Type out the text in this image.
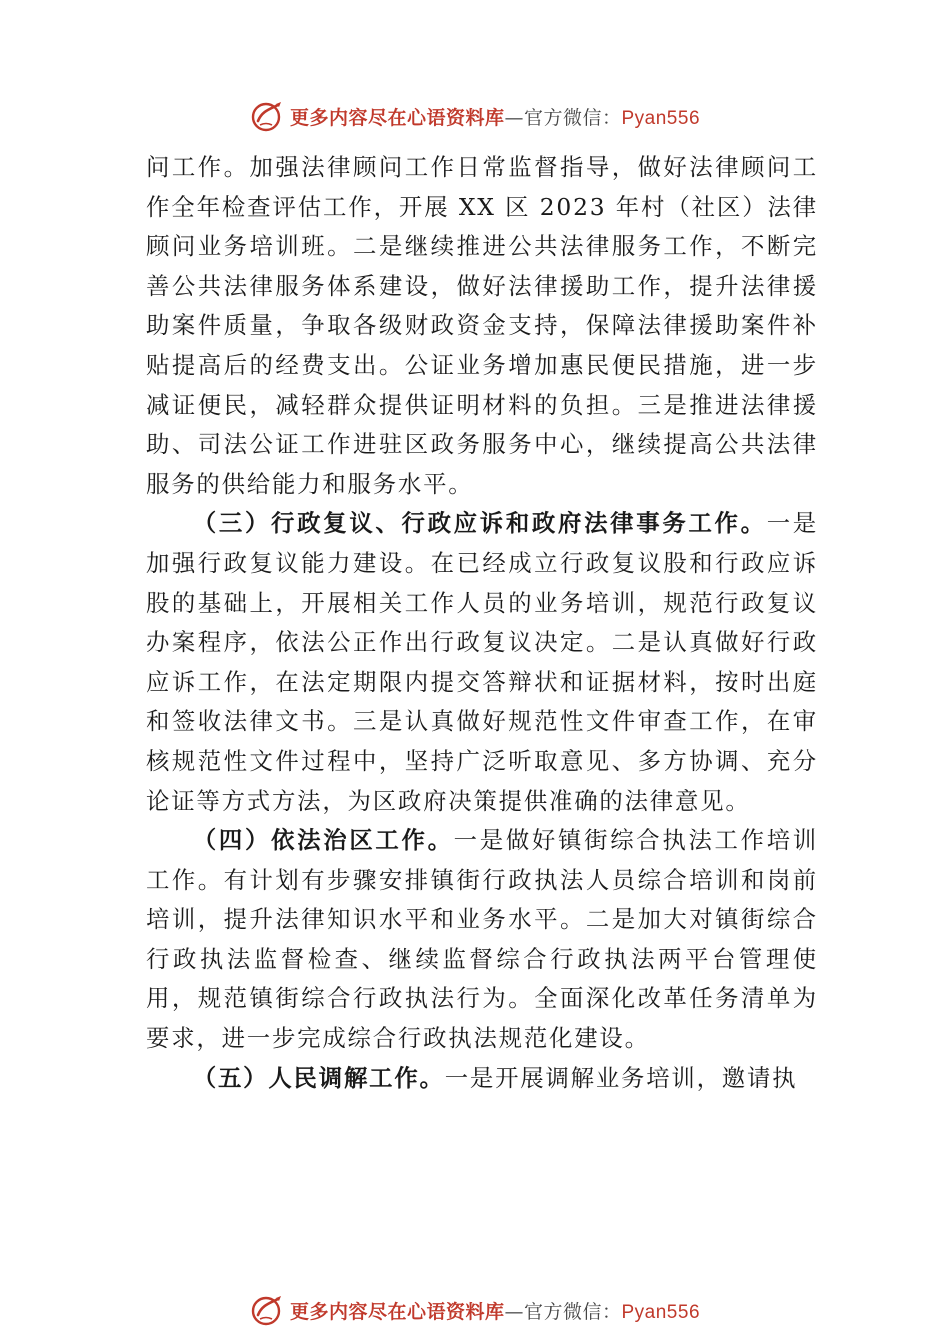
更多内容尽在心语资料库—官方微信：Pyan556

问工作。加强法律顾问工作日常监督指导，做好法律顾问工作全年检查评估工作，开展 XX 区 2023 年村（社区）法律顾问业务培训班。二是继续推进公共法律服务工作，不断完善公共法律服务体系建设，做好法律援助工作，提升法律援助案件质量，争取各级财政资金支持，保障法律援助案件补贴提高后的经费支出。公证业务增加惠民便民措施，进一步减证便民，减轻群众提供证明材料的负担。三是推进法律援助、司法公证工作进驻区政务服务中心，继续提高公共法律服务的供给能力和服务水平。

（三）行政复议、行政应诉和政府法律事务工作。一是加强行政复议能力建设。在已经成立行政复议股和行政应诉股的基础上，开展相关工作人员的业务培训，规范行政复议办案程序，依法公正作出行政复议决定。二是认真做好行政应诉工作，在法定期限内提交答辩状和证据材料，按时出庭和签收法律文书。三是认真做好规范性文件审查工作，在审核规范性文件过程中，坚持广泛听取意见、多方协调、充分论证等方式方法，为区政府决策提供准确的法律意见。

（四）依法治区工作。一是做好镇街综合执法工作培训工作。有计划有步骤安排镇街行政执法人员综合培训和岗前培训，提升法律知识水平和业务水平。二是加大对镇街综合行政执法监督检查、继续监督综合行政执法两平台管理使用，规范镇街综合行政执法行为。全面深化改革任务清单为要求，进一步完成综合行政执法规范化建设。

（五）人民调解工作。一是开展调解业务培训，邀请执

更多内容尽在心语资料库—官方微信：Pyan556
